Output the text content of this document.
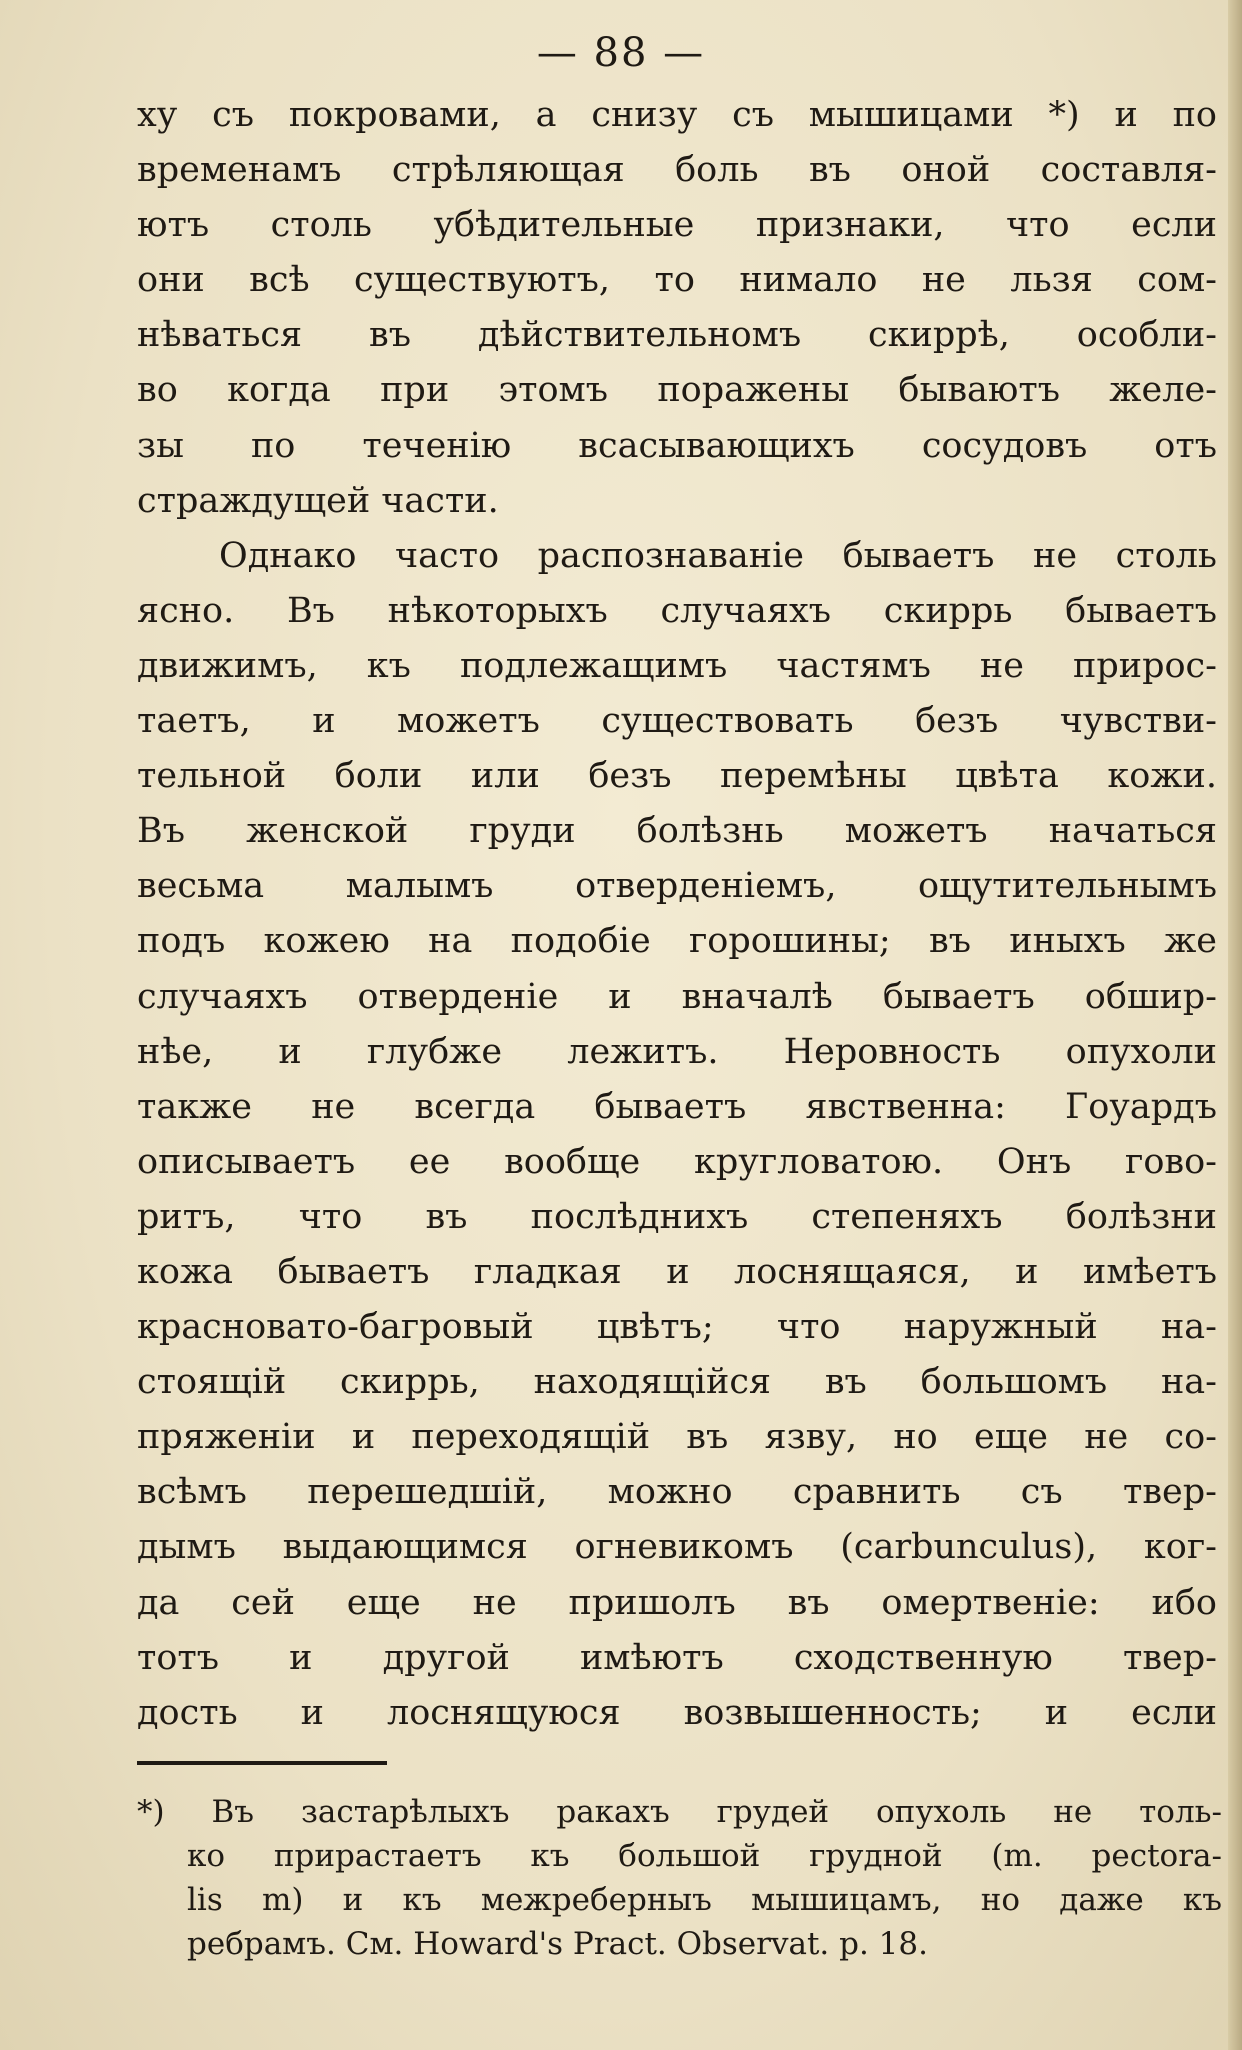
— 88 —
ху съ покровами, а снизу съ мышицами *) и по
временамъ стрѣляющая боль въ оной составля-
ютъ столь убѣдительные признаки, что если
они всѣ существуютъ, то нимало не льзя сом-
нѣваться въ дѣйствительномъ скиррѣ, особли-
во когда при этомъ поражены бываютъ желе-
зы по теченію всасывающихъ сосудовъ отъ
страждущей части.
Однако часто распознаваніе бываетъ не столь
ясно. Въ нѣкоторыхъ случаяхъ скиррь бываетъ
движимъ, къ подлежащимъ частямъ не прирос-
таетъ, и можетъ существовать безъ чувстви-
тельной боли или безъ перемѣны цвѣта кожи.
Въ женской груди болѣзнь можетъ начаться
весьма малымъ отверденіемъ, ощутительнымъ
подъ кожею на подобіе горошины; въ иныхъ же
случаяхъ отверденіе и вначалѣ бываетъ обшир-
нѣе, и глубже лежитъ. Неровность опухоли
также не всегда бываетъ явственна: Гоуардъ
описываетъ ее вообще кругловатою. Онъ гово-
ритъ, что въ послѣднихъ степеняхъ болѣзни
кожа бываетъ гладкая и лоснящаяся, и имѣетъ
красновато-багровый цвѣтъ; что наружный на-
стоящій скиррь, находящійся въ большомъ на-
пряженіи и переходящій въ язву, но еще не со-
всѣмъ перешедшій, можно сравнить съ твер-
дымъ выдающимся огневикомъ (carbunculus), ког-
да сей еще не пришолъ въ омертвеніе: ибо
тотъ и другой имѣютъ сходственную твер-
дость и лоснящуюся возвышенность; и если
*) Въ застарѣлыхъ ракахъ грудей опухоль не толь-
ко прирастаетъ къ большой грудной (m. pectora-
lis m) и къ межреберныъ мышицамъ, но даже къ
ребрамъ. См. Howard's Pract. Observat. p. 18.
